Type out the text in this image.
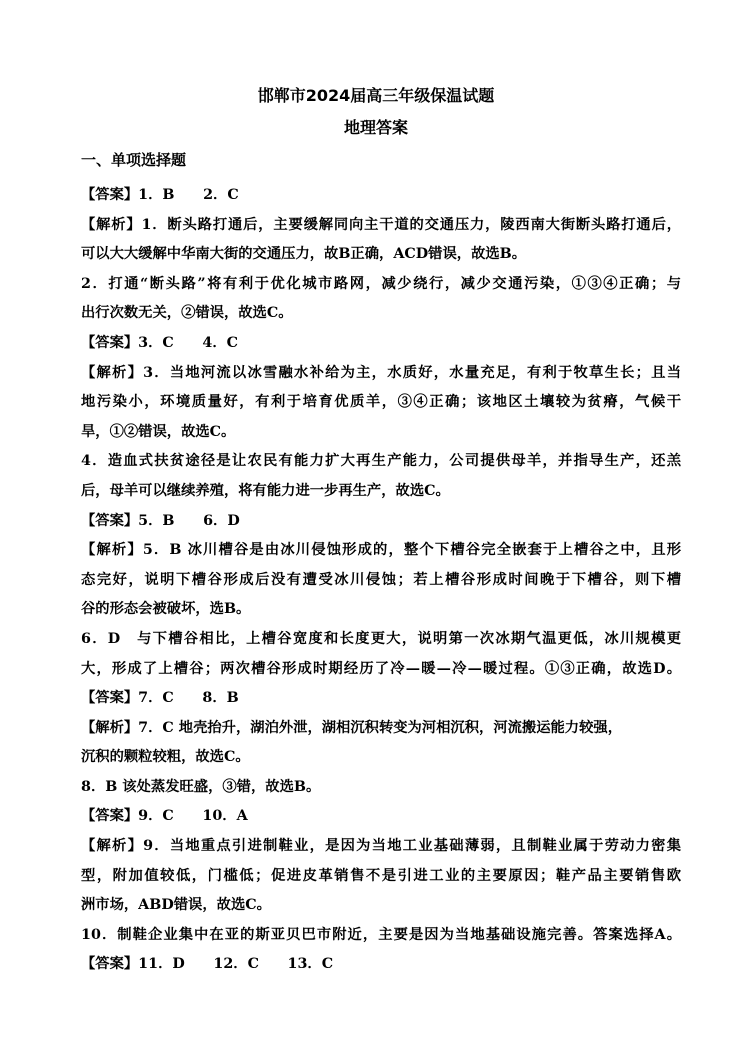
邯郸市2024届高三年级保温试题
地理答案
一、单项选择题
【答案】1．B　　2．C
【解析】1．断头路打通后，主要缓解同向主干道的交通压力，陵西南大街断头路打通后，
可以大大缓解中华南大街的交通压力，故B正确，ACD错误，故选B。
2．打通“断头路”将有利于优化城市路网，减少绕行，减少交通污染，①③④正确；与
出行次数无关，②错误，故选C。
【答案】3．C　　4．C
【解析】3．当地河流以冰雪融水补给为主，水质好，水量充足，有利于牧草生长；且当
地污染小，环境质量好，有利于培育优质羊，③④正确；该地区土壤较为贫瘠，气候干
旱，①②错误，故选C。
4．造血式扶贫途径是让农民有能力扩大再生产能力，公司提供母羊，并指导生产，还羔
后，母羊可以继续养殖，将有能力进一步再生产，故选C。
【答案】5．B　　6．D
【解析】5．B 冰川槽谷是由冰川侵蚀形成的，整个下槽谷完全嵌套于上槽谷之中，且形
态完好，说明下槽谷形成后没有遭受冰川侵蚀；若上槽谷形成时间晚于下槽谷，则下槽
谷的形态会被破坏，选B。
6．D　与下槽谷相比，上槽谷宽度和长度更大，说明第一次冰期气温更低，冰川规模更
大，形成了上槽谷；两次槽谷形成时期经历了冷—暖—冷—暖过程。①③正确，故选D。
【答案】7．C　　8．B
【解析】7．C 地壳抬升，湖泊外泄，湖相沉积转变为河相沉积，河流搬运能力较强，
沉积的颗粒较粗，故选C。
8．B 该处蒸发旺盛，③错，故选B。
【答案】9．C　　10．A
【解析】9．当地重点引进制鞋业，是因为当地工业基础薄弱，且制鞋业属于劳动力密集
型，附加值较低，门槛低；促进皮革销售不是引进工业的主要原因；鞋产品主要销售欧
洲市场，ABD错误，故选C。
10．制鞋企业集中在亚的斯亚贝巴市附近，主要是因为当地基础设施完善。答案选择A。
【答案】11．D　　12．C　　13．C
